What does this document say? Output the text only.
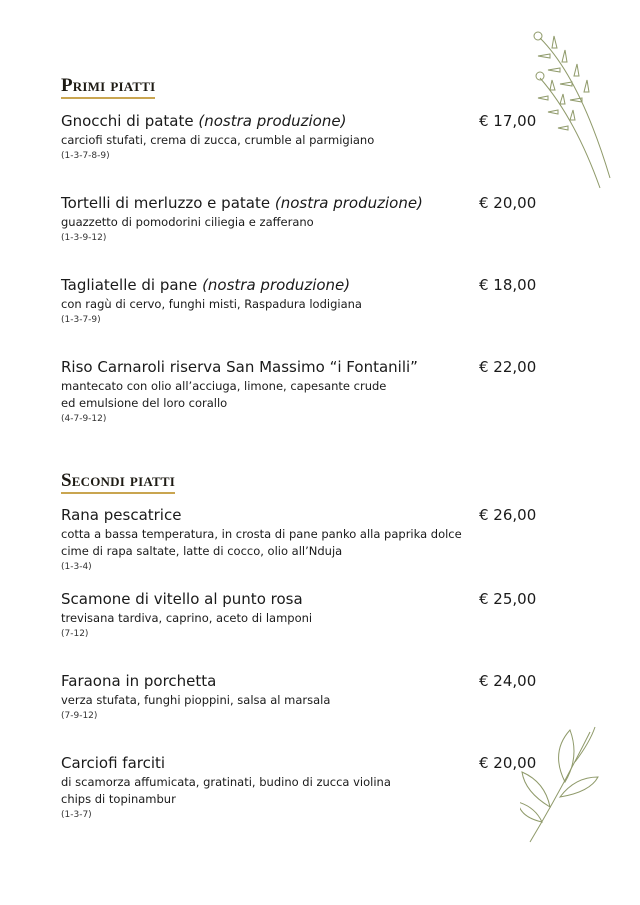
Primi piatti
Secondi piatti
Gnocchi di patate (nostra produzione)	€ 17,00
carciofi stufati, crema di zucca, crumble al parmigiano
(1-3-7-8-9)
Tortelli di merluzzo e patate (nostra produzione)	€ 20,00
guazzetto di pomodorini ciliegia e zafferano
(1-3-9-12)
Tagliatelle di pane (nostra produzione)	€ 18,00
con ragù di cervo, funghi misti, Raspadura lodigiana
(1-3-7-9)
Riso Carnaroli riserva San Massimo “i Fontanili”	€ 22,00
mantecato con olio all’acciuga, limone, capesante crude
ed emulsione del loro corallo
(4-7-9-12)
Rana pescatrice	€ 26,00
cotta a bassa temperatura, in crosta di pane panko alla paprika dolce
cime di rapa saltate, latte di cocco, olio all’Nduja
(1-3-4)
Scamone di vitello al punto rosa	€ 25,00
trevisana tardiva, caprino, aceto di lamponi
(7-12)
Faraona in porchetta	€ 24,00
verza stufata, funghi pioppini, salsa al marsala
(7-9-12)
Carciofi farciti	€ 20,00
di scamorza affumicata, gratinati, budino di zucca violina
chips di topinambur
(1-3-7)
